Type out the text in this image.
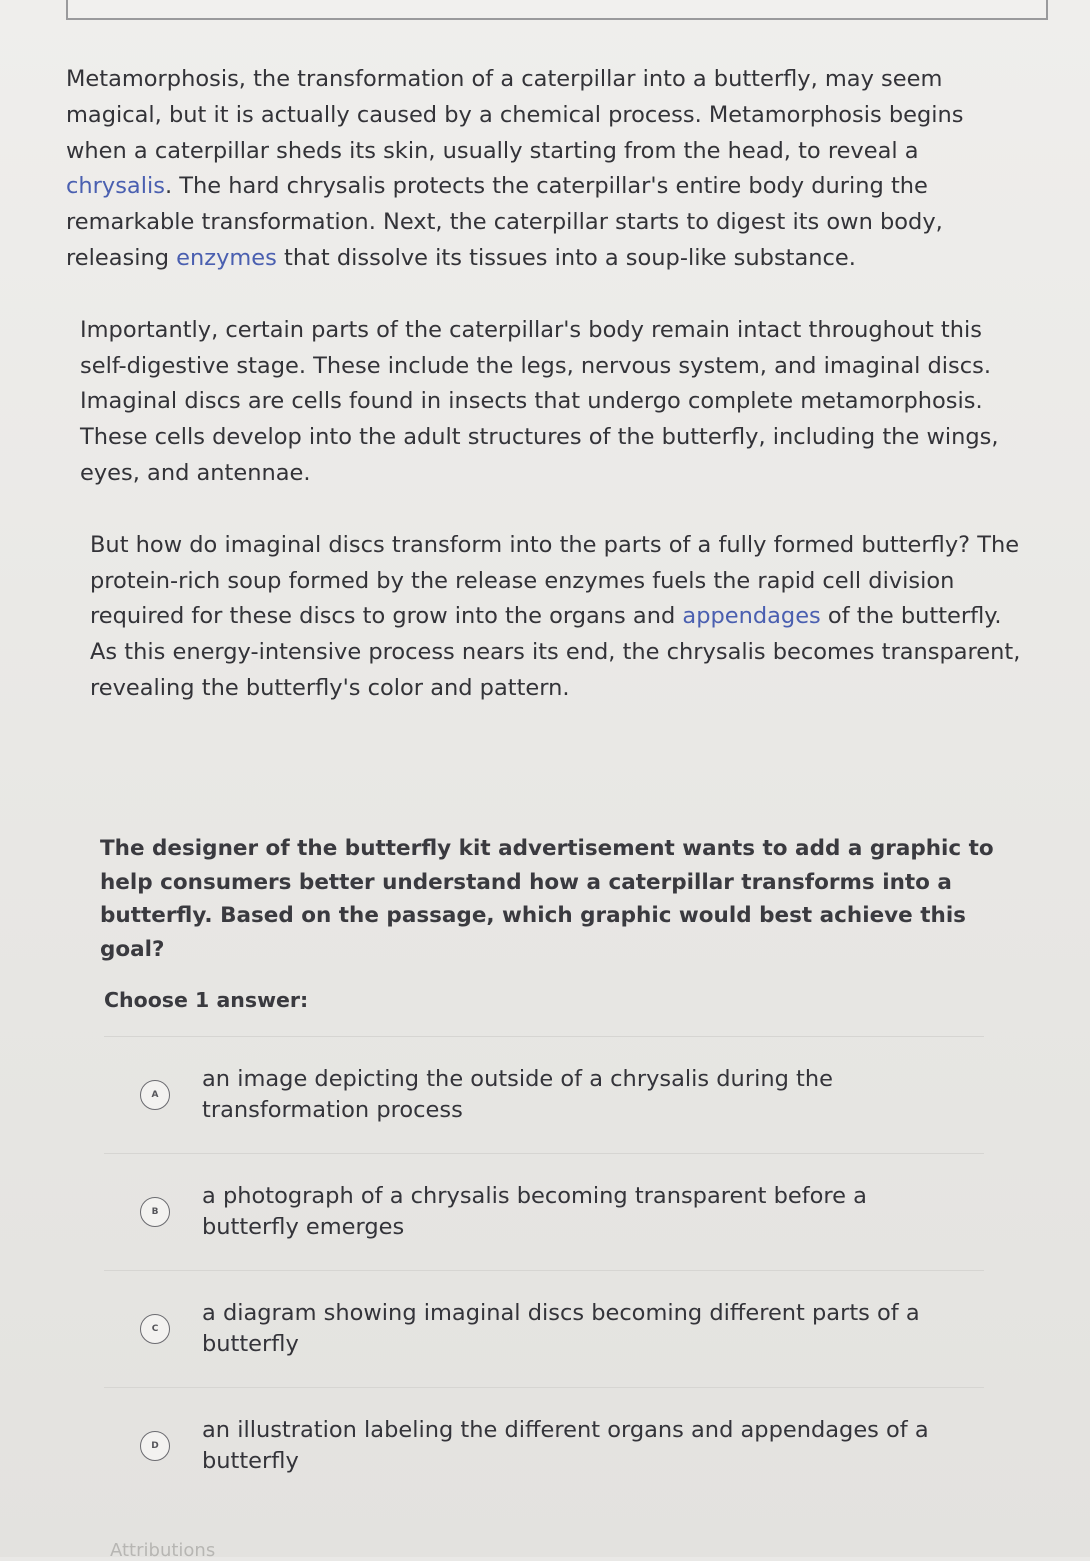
Metamorphosis, the transformation of a caterpillar into a butterfly, may seem magical, but it is actually caused by a chemical process. Metamorphosis begins when a caterpillar sheds its skin, usually starting from the head, to reveal a chrysalis. The hard chrysalis protects the caterpillar's entire body during the remarkable transformation. Next, the caterpillar starts to digest its own body, releasing enzymes that dissolve its tissues into a soup-like substance.

Importantly, certain parts of the caterpillar's body remain intact throughout this self-digestive stage. These include the legs, nervous system, and imaginal discs. Imaginal discs are cells found in insects that undergo complete metamorphosis. These cells develop into the adult structures of the butterfly, including the wings, eyes, and antennae.

But how do imaginal discs transform into the parts of a fully formed butterfly? The protein-rich soup formed by the release enzymes fuels the rapid cell division required for these discs to grow into the organs and appendages of the butterfly. As this energy-intensive process nears its end, the chrysalis becomes transparent, revealing the butterfly's color and pattern.

The designer of the butterfly kit advertisement wants to add a graphic to help consumers better understand how a caterpillar transforms into a butterfly. Based on the passage, which graphic would best achieve this goal?

Choose 1 answer:
A
an image depicting the outside of a chrysalis during the transformation process
B
a photograph of a chrysalis becoming transparent before a butterfly emerges
C
a diagram showing imaginal discs becoming different parts of a butterfly
D
an illustration labeling the different organs and appendages of a butterfly
Attributions
